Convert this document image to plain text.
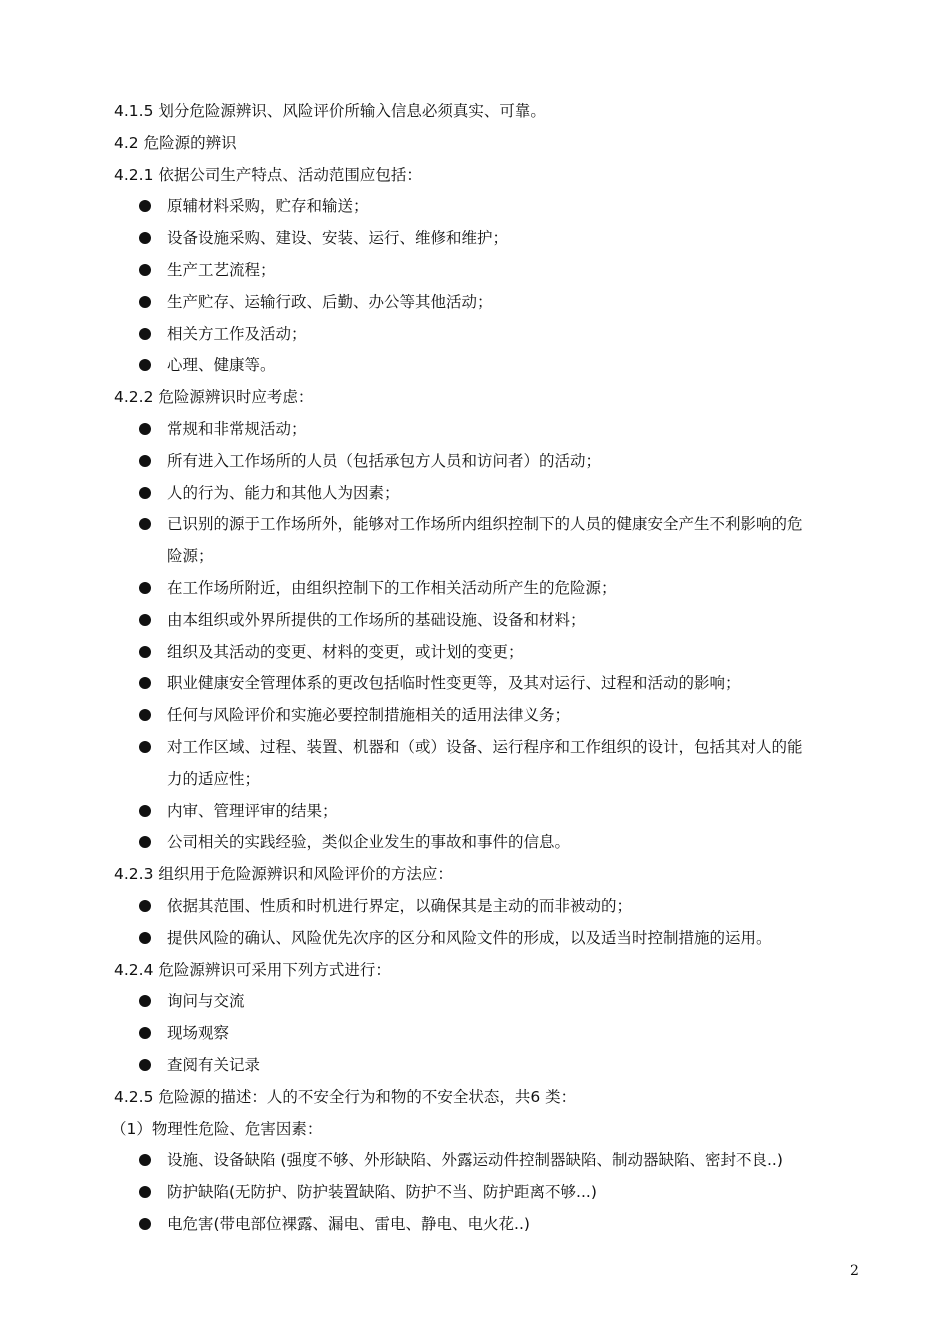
4.1.5 划分危险源辨识、风险评价所输入信息必须真实、可靠。
4.2 危险源的辨识
4.2.1 依据公司生产特点、活动范围应包括：
原辅材料采购，贮存和输送；
设备设施采购、建设、安装、运行、维修和维护；
生产工艺流程；
生产贮存、运输行政、后勤、办公等其他活动；
相关方工作及活动；
心理、健康等。
4.2.2 危险源辨识时应考虑：
常规和非常规活动；
所有进入工作场所的人员（包括承包方人员和访问者）的活动；
人的行为、能力和其他人为因素；
已识别的源于工作场所外，能够对工作场所内组织控制下的人员的健康安全产生不利影响的危
险源；
在工作场所附近，由组织控制下的工作相关活动所产生的危险源；
由本组织或外界所提供的工作场所的基础设施、设备和材料；
组织及其活动的变更、材料的变更，或计划的变更；
职业健康安全管理体系的更改包括临时性变更等，及其对运行、过程和活动的影响；
任何与风险评价和实施必要控制措施相关的适用法律义务；
对工作区域、过程、装置、机器和（或）设备、运行程序和工作组织的设计，包括其对人的能
力的适应性；
内审、管理评审的结果；
公司相关的实践经验，类似企业发生的事故和事件的信息。
4.2.3 组织用于危险源辨识和风险评价的方法应：
依据其范围、性质和时机进行界定，以确保其是主动的而非被动的；
提供风险的确认、风险优先次序的区分和风险文件的形成，以及适当时控制措施的运用。
4.2.4 危险源辨识可采用下列方式进行：
询问与交流
现场观察
查阅有关记录
4.2.5 危险源的描述：人的不安全行为和物的不安全状态，共6 类：
（1）物理性危险、危害因素：
设施、设备缺陷 (强度不够、外形缺陷、外露运动件控制器缺陷、制动器缺陷、密封不良..)
防护缺陷(无防护、防护装置缺陷、防护不当、防护距离不够...)
电危害(带电部位裸露、漏电、雷电、静电、电火花..)
2
